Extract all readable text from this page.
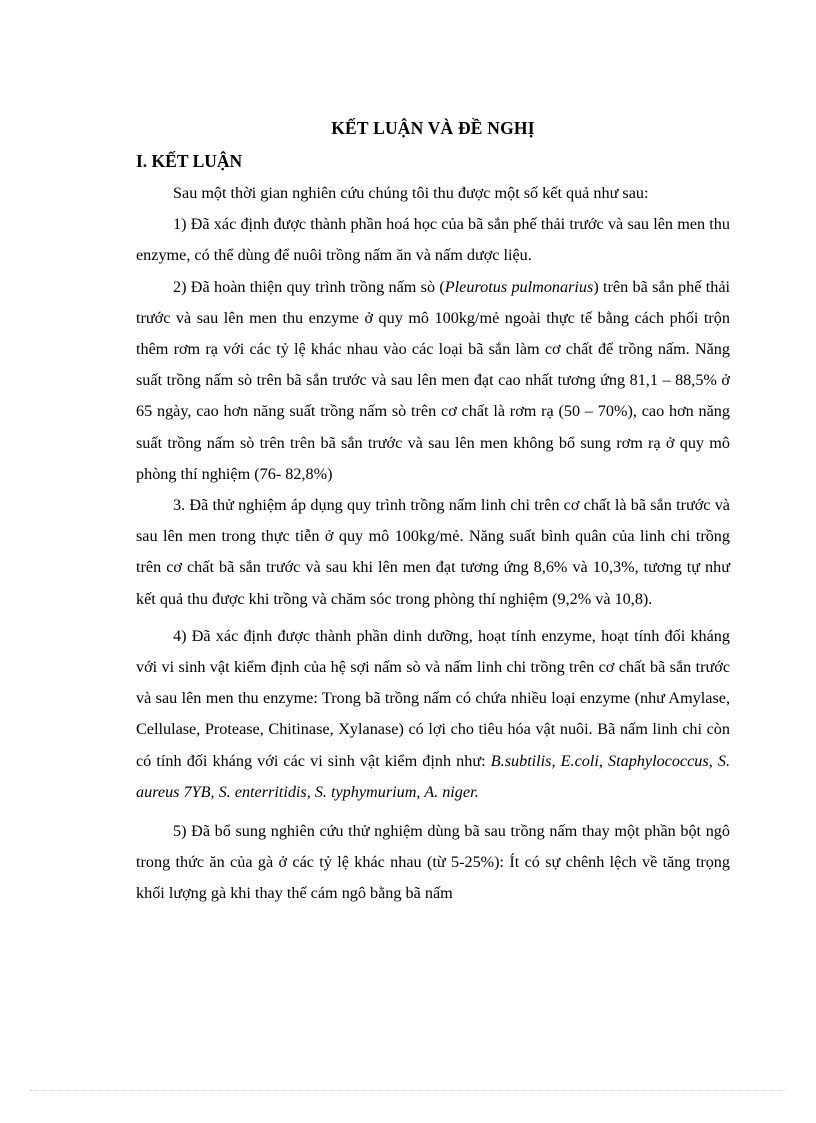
KẾT LUẬN VÀ ĐỀ NGHỊ
I. KẾT LUẬN

Sau một thời gian nghiên cứu chúng tôi thu được một số kết quả như sau:

1) Đã xác định được thành phần hoá học của bã sắn phế thải trước và sau lên men thu enzyme, có thể dùng để nuôi trồng nấm ăn và nấm dược liệu.

2) Đã hoàn thiện quy trình trồng nấm sò (Pleurotus pulmonarius) trên bã sắn phế thải trước và sau lên men thu enzyme ở quy mô 100kg/mẻ ngoài thực tế bằng cách phối trộn thêm rơm rạ với các tỷ lệ khác nhau vào các loại bã sắn làm cơ chất để trồng nấm. Năng suất trồng nấm sò trên bã sắn trước và sau lên men đạt cao nhất tương ứng 81,1 – 88,5% ở 65 ngày, cao hơn năng suất trồng nấm sò trên cơ chất là rơm rạ (50 – 70%), cao hơn năng suất trồng nấm sò trên trên bã sắn trước và sau lên men không bổ sung rơm rạ ở quy mô phòng thí nghiệm (76- 82,8%)

3. Đã thử nghiệm áp dụng quy trình trồng nấm linh chi trên cơ chất là bã sắn trước và sau lên men trong thực tiễn ở quy mô 100kg/mẻ. Năng suất bình quân của linh chi trồng trên cơ chất bã sắn trước và sau khi lên men đạt tương ứng 8,6% và 10,3%, tương tự như kết quả thu được khi trồng và chăm sóc trong phòng thí nghiệm (9,2% và 10,8).

4) Đã xác định được thành phần dinh dưỡng, hoạt tính enzyme, hoạt tính đối kháng với vi sinh vật kiểm định của hệ sợi nấm sò và nấm linh chi trồng trên cơ chất bã sắn trước và sau lên men thu enzyme: Trong bã trồng nấm có chứa nhiều loại enzyme (như Amylase, Cellulase, Protease, Chitinase, Xylanase) có lợi cho tiêu hóa vật nuôi. Bã nấm linh chi còn có tính đối kháng với các vi sinh vật kiểm định như: B.subtilis, E.coli, Staphylococcus, S. aureus 7YB, S. enterritidis, S. typhymurium, A. niger.

5) Đã bổ sung nghiên cứu thử nghiệm dùng bã sau trồng nấm thay một phần bột ngô trong thức ăn của gà ở các tỷ lệ khác nhau (từ 5-25%): Ít có sự chênh lệch về tăng trọng khối lượng gà khi thay thế cám ngô bằng bã nấm
